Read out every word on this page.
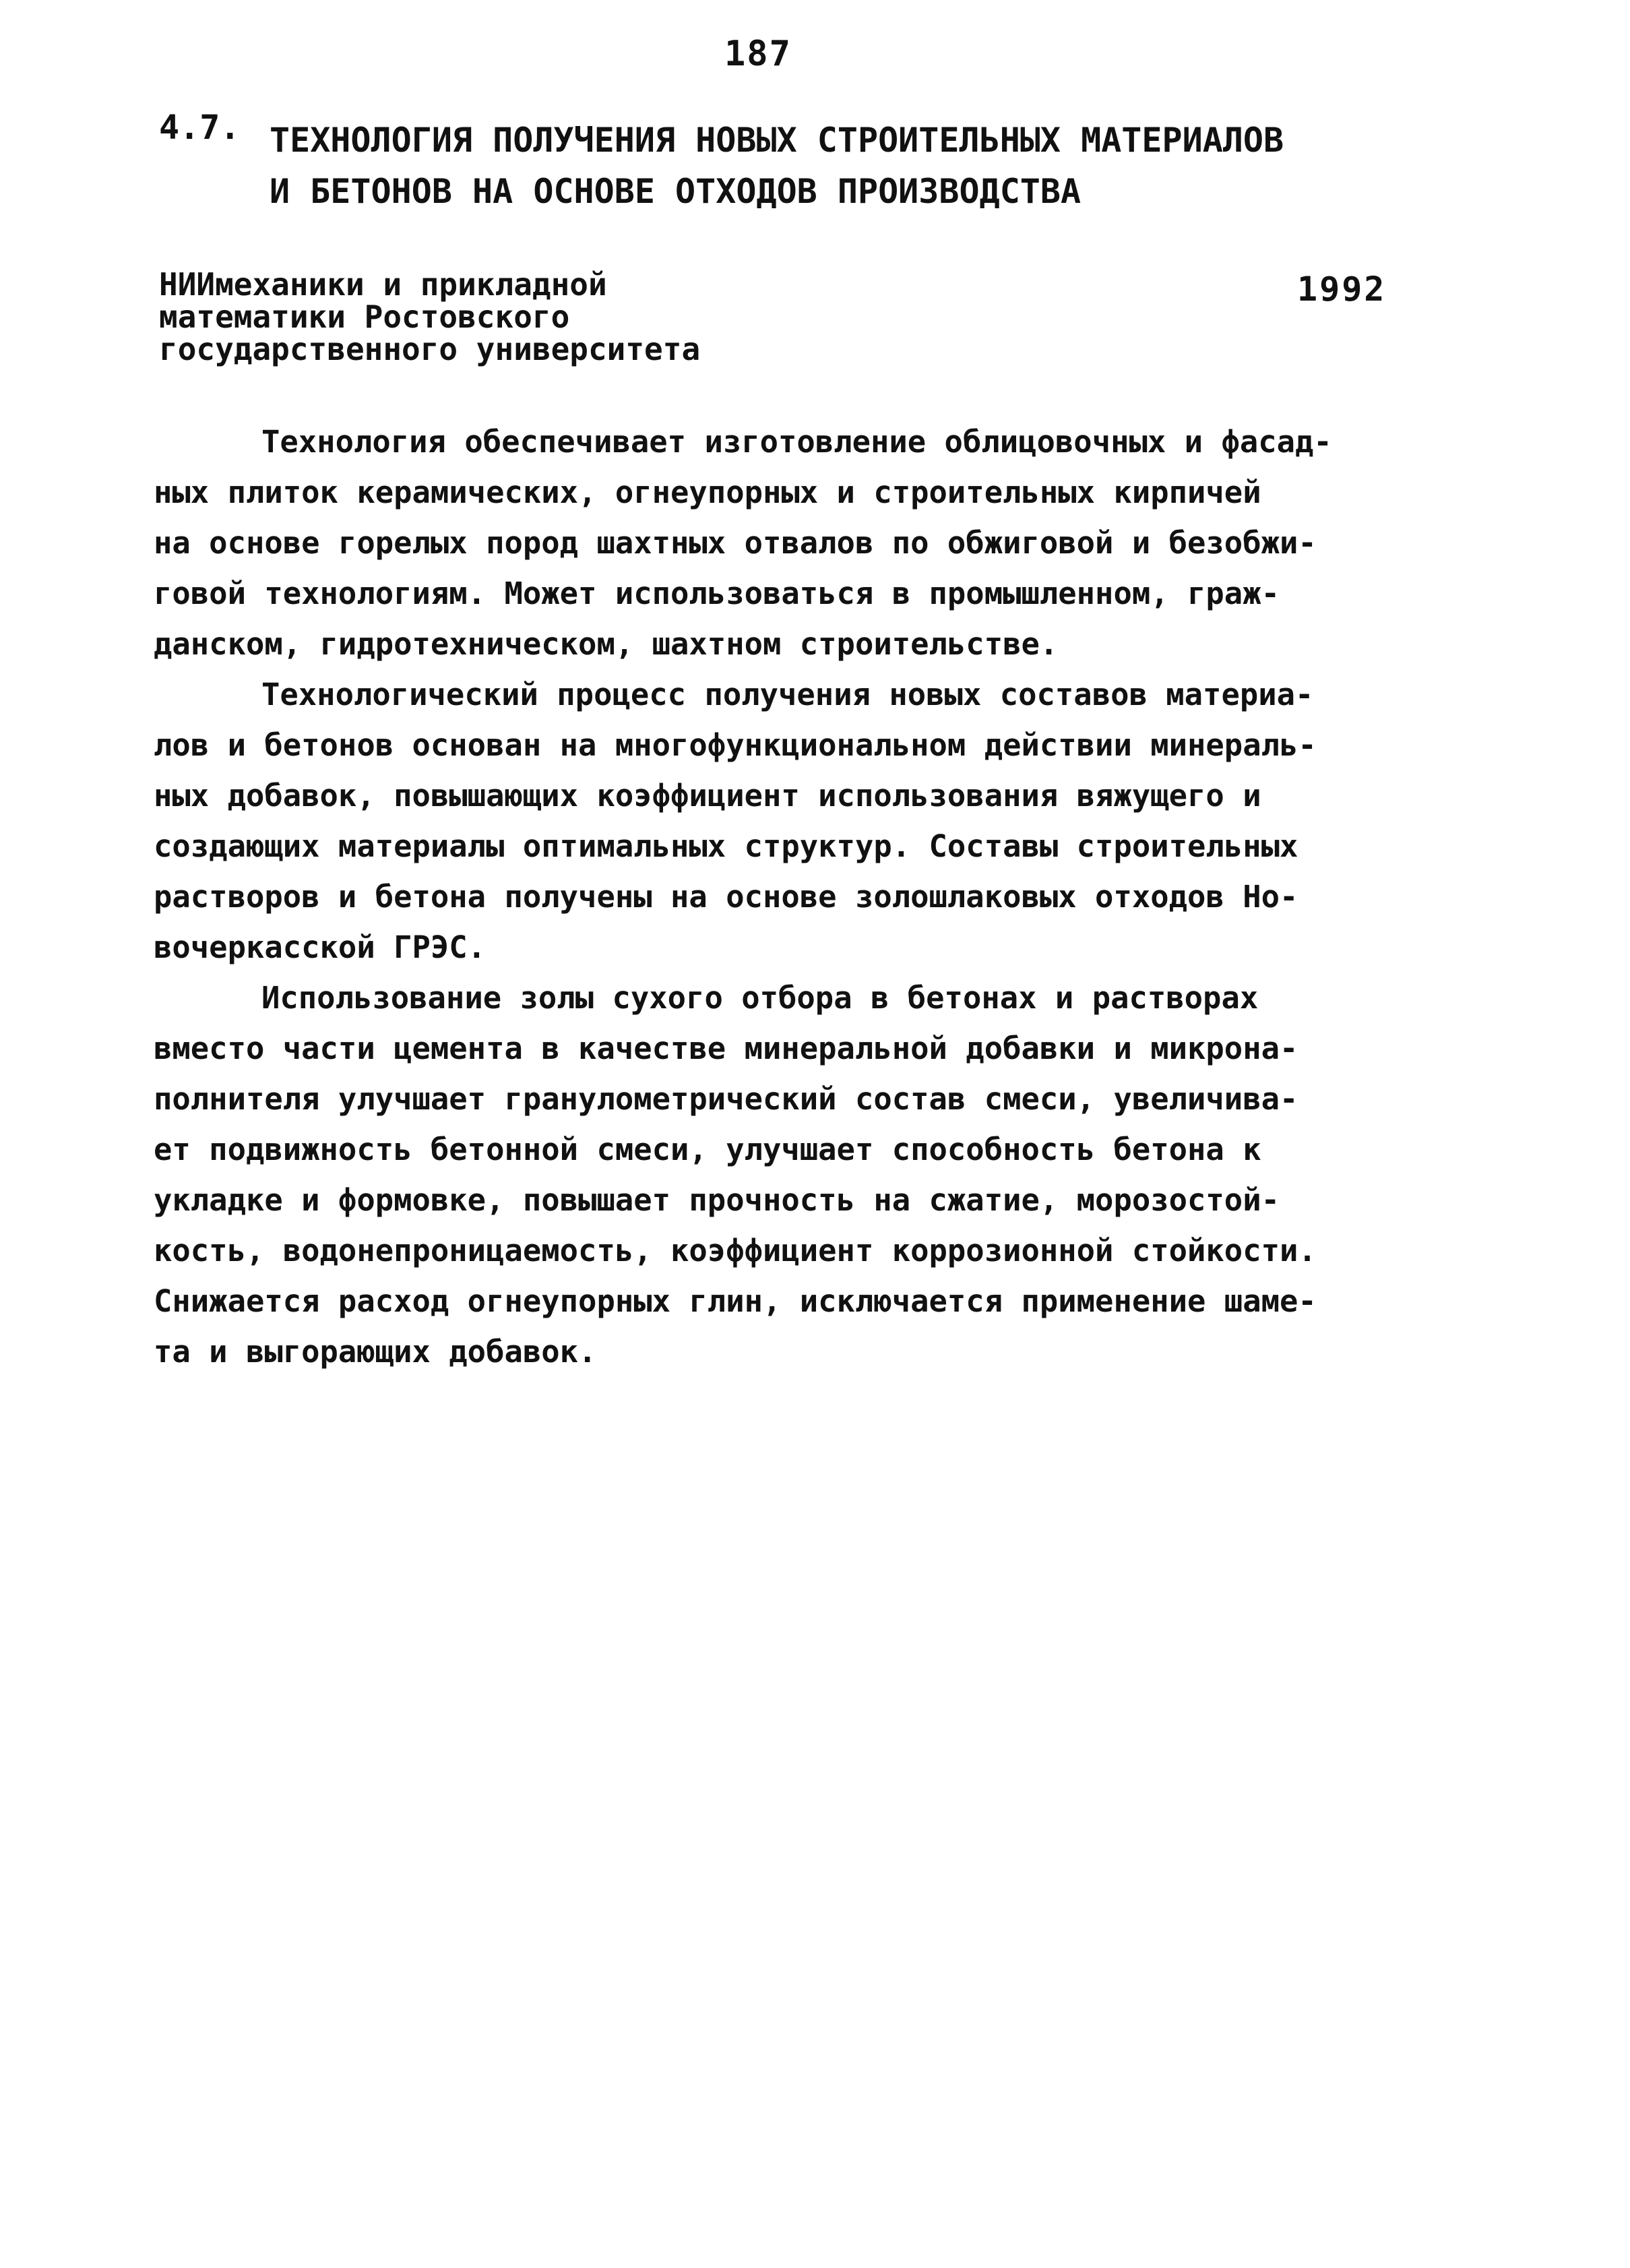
187
4.7. ТЕХНОЛОГИЯ ПОЛУЧЕНИЯ НОВЫХ СТРОИТЕЛЬНЫХ МАТЕРИАЛОВ
И БЕТОНОВ НА ОСНОВЕ ОТХОДОВ ПРОИЗВОДСТВА
НИИмеханики и прикладной
математики Ростовского
государственного университета
1992
Технология обеспечивает изготовление облицовочных и фасад-
ных плиток керамических, огнеупорных и строительных кирпичей
на основе горелых пород шахтных отвалов по обжиговой и безобжи-
говой технологиям. Может использоваться в промышленном, граж-
данском, гидротехническом, шахтном строительстве.
Технологический процесс получения новых составов материа-
лов и бетонов основан на многофункциональном действии минераль-
ных добавок, повышающих коэффициент использования вяжущего и
создающих материалы оптимальных структур. Составы строительных
растворов и бетона получены на основе золошлаковых отходов Но-
вочеркасской ГРЭС.
Использование золы сухого отбора в бетонах и растворах
вместо части цемента в качестве минеральной добавки и микрона-
полнителя улучшает гранулометрический состав смеси, увеличива-
ет подвижность бетонной смеси, улучшает способность бетона к
укладке и формовке, повышает прочность на сжатие, морозостой-
кость, водонепроницаемость, коэффициент коррозионной стойкости.
Снижается расход огнеупорных глин, исключается применение шаме-
та и выгорающих добавок.
